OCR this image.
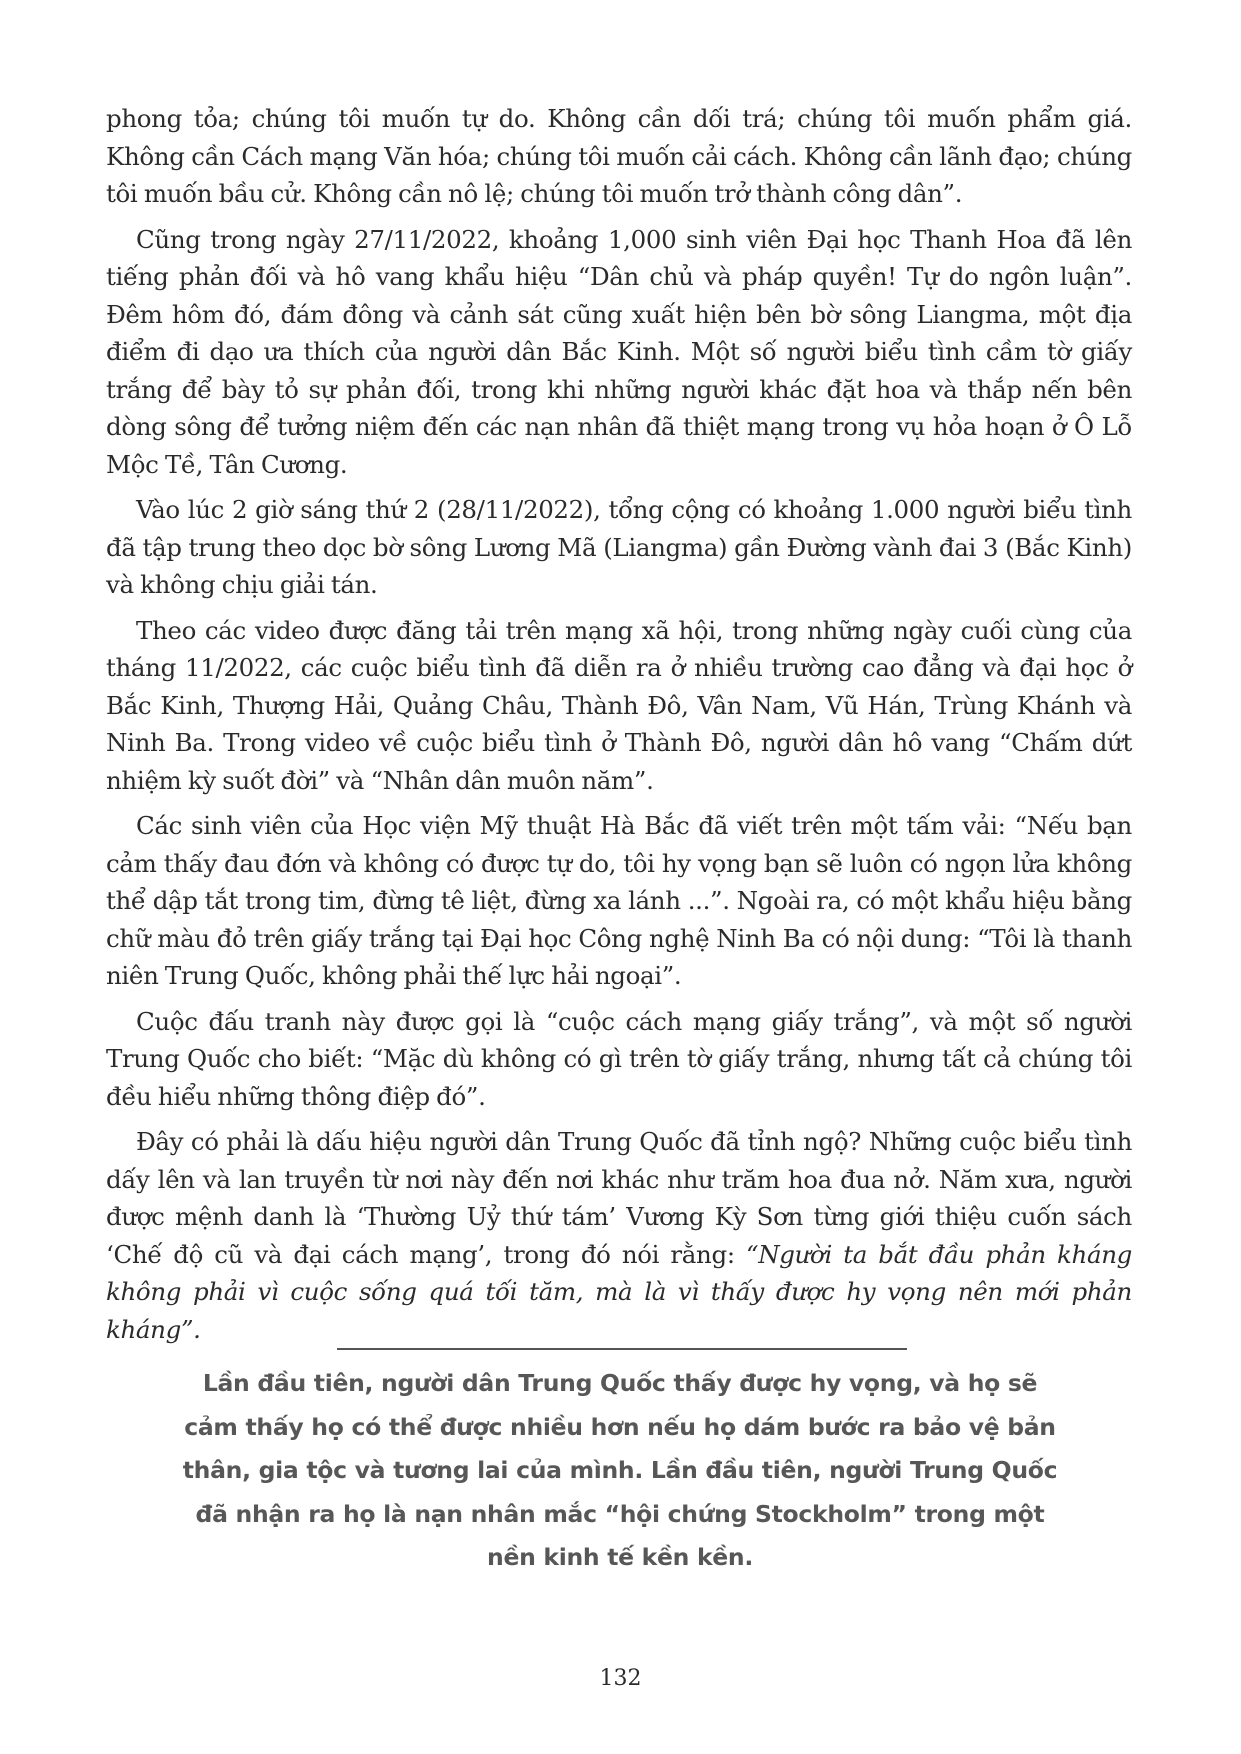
phong tỏa; chúng tôi muốn tự do. Không cần dối trá; chúng tôi muốn phẩm giá. Không cần Cách mạng Văn hóa; chúng tôi muốn cải cách. Không cần lãnh đạo; chúng tôi muốn bầu cử. Không cần nô lệ; chúng tôi muốn trở thành công dân”.

Cũng trong ngày 27/11/2022, khoảng 1,000 sinh viên Đại học Thanh Hoa đã lên tiếng phản đối và hô vang khẩu hiệu “Dân chủ và pháp quyền! Tự do ngôn luận”. Đêm hôm đó, đám đông và cảnh sát cũng xuất hiện bên bờ sông Liangma, một địa điểm đi dạo ưa thích của người dân Bắc Kinh. Một số người biểu tình cầm tờ giấy trắng để bày tỏ sự phản đối, trong khi những người khác đặt hoa và thắp nến bên dòng sông để tưởng niệm đến các nạn nhân đã thiệt mạng trong vụ hỏa hoạn ở Ô Lỗ Mộc Tề, Tân Cương.

Vào lúc 2 giờ sáng thứ 2 (28/11/2022), tổng cộng có khoảng 1.000 người biểu tình đã tập trung theo dọc bờ sông Lương Mã (Liangma) gần Đường vành đai 3 (Bắc Kinh) và không chịu giải tán.

Theo các video được đăng tải trên mạng xã hội, trong những ngày cuối cùng của tháng 11/2022, các cuộc biểu tình đã diễn ra ở nhiều trường cao đẳng và đại học ở Bắc Kinh, Thượng Hải, Quảng Châu, Thành Đô, Vân Nam, Vũ Hán, Trùng Khánh và Ninh Ba. Trong video về cuộc biểu tình ở Thành Đô, người dân hô vang “Chấm dứt nhiệm kỳ suốt đời” và “Nhân dân muôn năm”.

Các sinh viên của Học viện Mỹ thuật Hà Bắc đã viết trên một tấm vải: “Nếu bạn cảm thấy đau đớn và không có được tự do, tôi hy vọng bạn sẽ luôn có ngọn lửa không thể dập tắt trong tim, đừng tê liệt, đừng xa lánh ...”. Ngoài ra, có một khẩu hiệu bằng chữ màu đỏ trên giấy trắng tại Đại học Công nghệ Ninh Ba có nội dung: “Tôi là thanh niên Trung Quốc, không phải thế lực hải ngoại”.

Cuộc đấu tranh này được gọi là “cuộc cách mạng giấy trắng”, và một số người Trung Quốc cho biết: “Mặc dù không có gì trên tờ giấy trắng, nhưng tất cả chúng tôi đều hiểu những thông điệp đó”.

Đây có phải là dấu hiệu người dân Trung Quốc đã tỉnh ngộ? Những cuộc biểu tình dấy lên và lan truyền từ nơi này đến nơi khác như trăm hoa đua nở. Năm xưa, người được mệnh danh là ‘Thường Uỷ thứ tám’ Vương Kỳ Sơn từng giới thiệu cuốn sách ‘Chế độ cũ và đại cách mạng’, trong đó nói rằng: “Người ta bắt đầu phản kháng không phải vì cuộc sống quá tối tăm, mà là vì thấy được hy vọng nên mới phản kháng”.

Lần đầu tiên, người dân Trung Quốc thấy được hy vọng, và họ sẽ cảm thấy họ có thể được nhiều hơn nếu họ dám bước ra bảo vệ bản thân, gia tộc và tương lai của mình. Lần đầu tiên, người Trung Quốc đã nhận ra họ là nạn nhân mắc “hội chứng Stockholm” trong một nền kinh tế kền kền.
132
